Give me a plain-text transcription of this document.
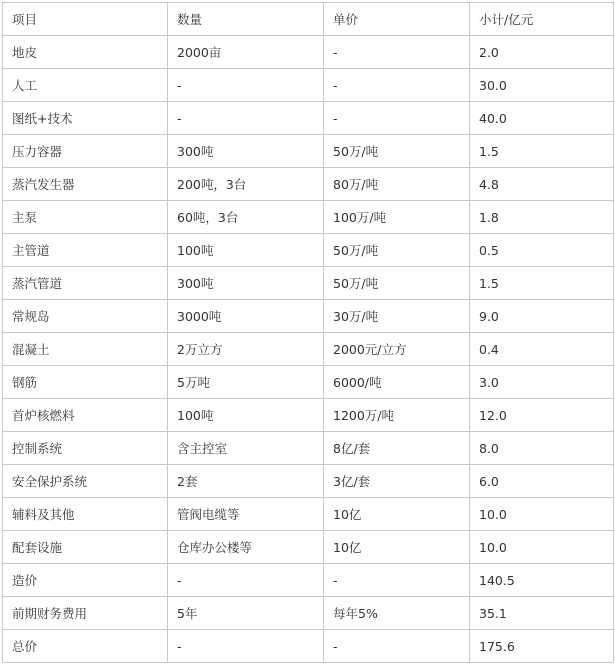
项目	数量	单价	小计/亿元
地皮	2000亩	-	2.0
人工	-	-	30.0
图纸+技术	-	-	40.0
压力容器	300吨	50万/吨	1.5
蒸汽发生器	200吨，3台	80万/吨	4.8
主泵	60吨，3台	100万/吨	1.8
主管道	100吨	50万/吨	0.5
蒸汽管道	300吨	50万/吨	1.5
常规岛	3000吨	30万/吨	9.0
混凝土	2万立方	2000元/立方	0.4
钢筋	5万吨	6000/吨	3.0
首炉核燃料	100吨	1200万/吨	12.0
控制系统	含主控室	8亿/套	8.0
安全保护系统	2套	3亿/套	6.0
辅料及其他	管阀电缆等	10亿	10.0
配套设施	仓库办公楼等	10亿	10.0
造价	-	-	140.5
前期财务费用	5年	每年5%	35.1
总价	-	-	175.6
